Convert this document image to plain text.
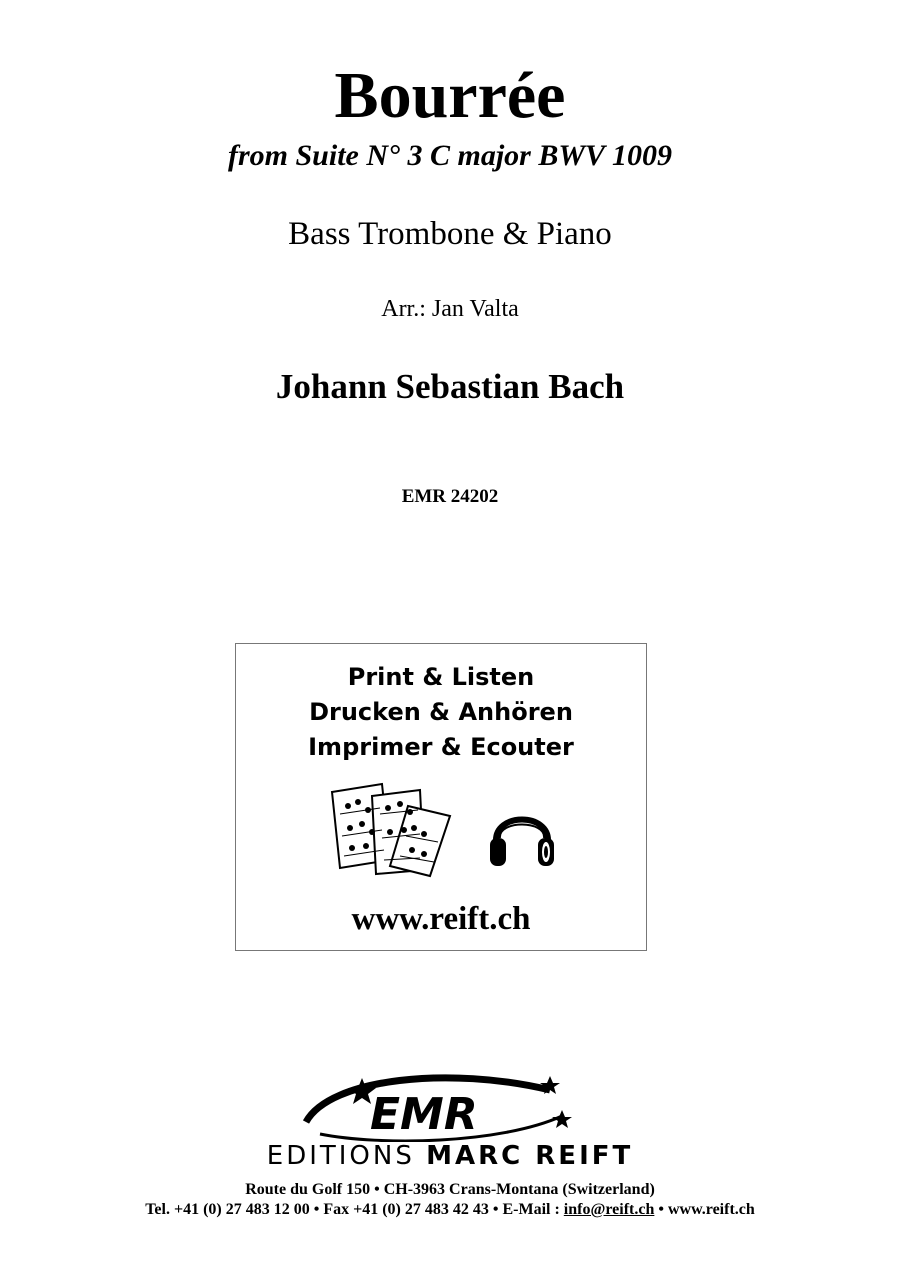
Bourrée
from Suite N° 3 C major BWV 1009
Bass Trombone & Piano
Arr.: Jan Valta
Johann Sebastian Bach
EMR 24202
Print & Listen
Drucken & Anhören
Imprimer & Ecouter
www.reift.ch
EMR
EDITIONS MARC REIFT
Route du Golf 150 • CH-3963 Crans-Montana (Switzerland)
Tel. +41 (0) 27 483 12 00 • Fax +41 (0) 27 483 42 43 • E-Mail : info@reift.ch • www.reift.ch
